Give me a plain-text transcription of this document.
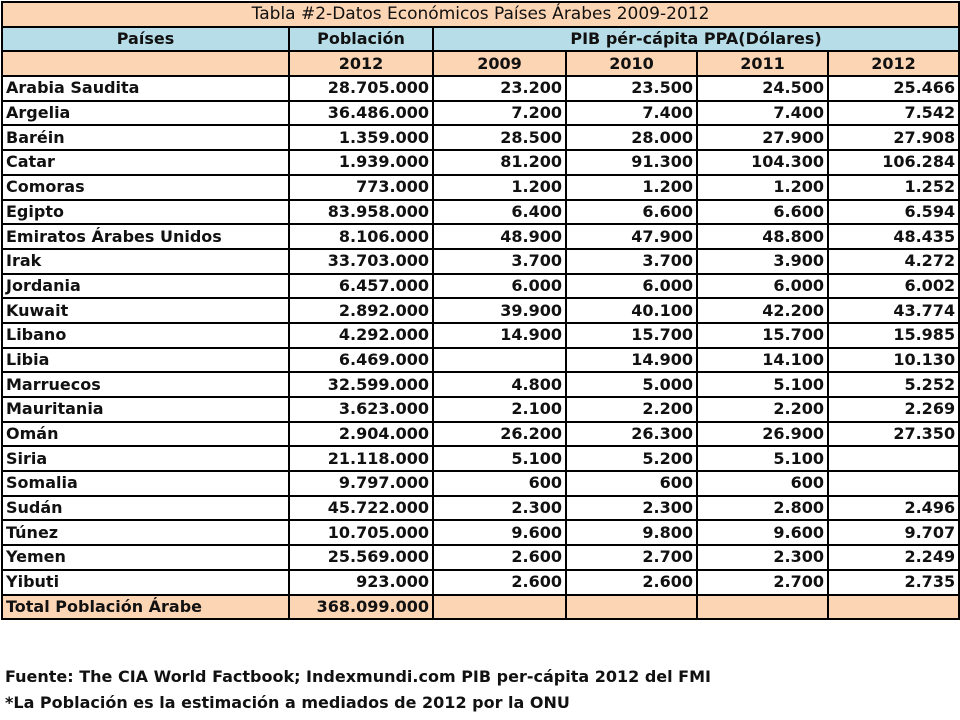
Tabla #2-Datos Económicos Países Árabes 2009-2012					
Países	Población	PIB pér-cápita PPA(Dólares)			
	2012	2009	2010	2011	2012
Arabia Saudita	28.705.000	23.200	23.500	24.500	25.466
Argelia	36.486.000	7.200	7.400	7.400	7.542
Baréin	1.359.000	28.500	28.000	27.900	27.908
Catar	1.939.000	81.200	91.300	104.300	106.284
Comoras	773.000	1.200	1.200	1.200	1.252
Egipto	83.958.000	6.400	6.600	6.600	6.594
Emiratos Árabes Unidos	8.106.000	48.900	47.900	48.800	48.435
Irak	33.703.000	3.700	3.700	3.900	4.272
Jordania	6.457.000	6.000	6.000	6.000	6.002
Kuwait	2.892.000	39.900	40.100	42.200	43.774
Libano	4.292.000	14.900	15.700	15.700	15.985
Libia	6.469.000		14.900	14.100	10.130
Marruecos	32.599.000	4.800	5.000	5.100	5.252
Mauritania	3.623.000	2.100	2.200	2.200	2.269
Omán	2.904.000	26.200	26.300	26.900	27.350
Siria	21.118.000	5.100	5.200	5.100	
Somalia	9.797.000	600	600	600	
Sudán	45.722.000	2.300	2.300	2.800	2.496
Túnez	10.705.000	9.600	9.800	9.600	9.707
Yemen	25.569.000	2.600	2.700	2.300	2.249
Yibuti	923.000	2.600	2.600	2.700	2.735
Total Población Árabe	368.099.000				
Fuente: The CIA World Factbook; Indexmundi.com PIB per-cápita 2012 del FMI
*La Población es la estimación a mediados de 2012 por la ONU
